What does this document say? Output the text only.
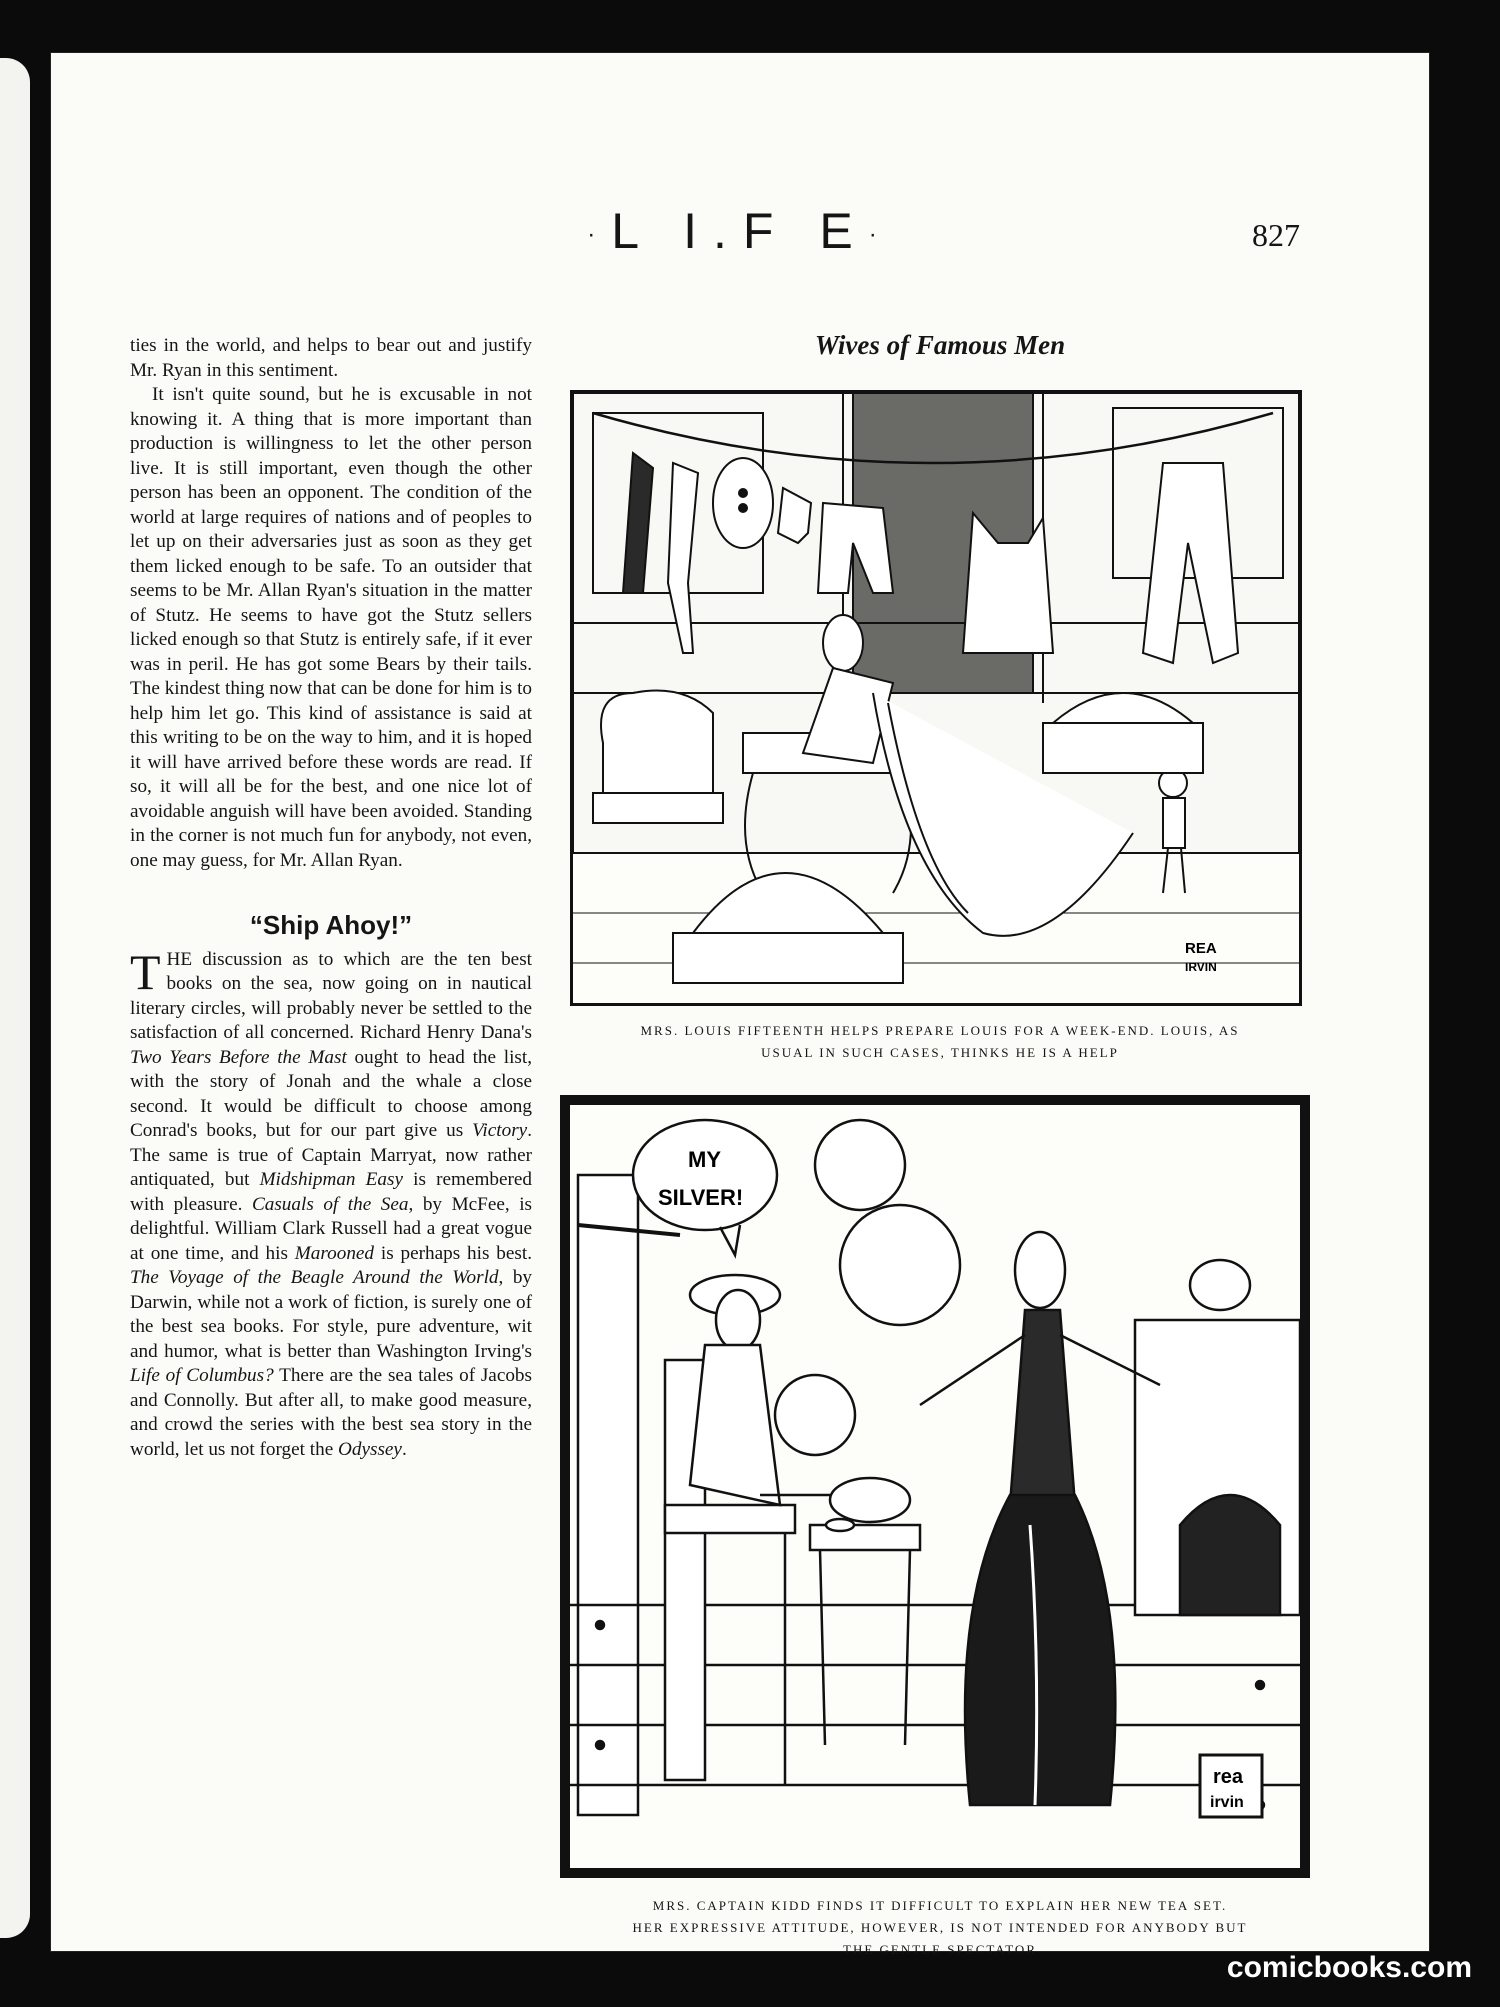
·L I.F E·	827

ties in the world, and helps to bear out and justify Mr. Ryan in this sentiment.

It isn't quite sound, but he is excusable in not knowing it. A thing that is more important than production is willingness to let the other person live. It is still important, even though the other person has been an opponent. The condition of the world at large requires of nations and of peoples to let up on their adversaries just as soon as they get them licked enough to be safe. To an outsider that seems to be Mr. Allan Ryan's situation in the matter of Stutz. He seems to have got the Stutz sellers licked enough so that Stutz is entirely safe, if it ever was in peril. He has got some Bears by their tails. The kindest thing now that can be done for him is to help him let go. This kind of assistance is said at this writing to be on the way to him, and it is hoped it will have arrived before these words are read. If so, it will all be for the best, and one nice lot of avoidable anguish will have been avoided. Standing in the corner is not much fun for anybody, not even, one may guess, for Mr. Allan Ryan.

“Ship Ahoy!”

THE discussion as to which are the ten best books on the sea, now going on in nautical literary circles, will probably never be settled to the satisfaction of all concerned. Richard Henry Dana's Two Years Before the Mast ought to head the list, with the story of Jonah and the whale a close second. It would be difficult to choose among Conrad's books, but for our part give us Victory. The same is true of Captain Marryat, now rather antiquated, but Midshipman Easy is remembered with pleasure. Casuals of the Sea, by McFee, is delightful. William Clark Russell had a great vogue at one time, and his Marooned is perhaps his best. The Voyage of the Beagle Around the World, by Darwin, while not a work of fiction, is surely one of the best sea books. For style, pure adventure, wit and humor, what is better than Washington Irving's Life of Columbus? There are the sea tales of Jacobs and Connolly. But after all, to make good measure, and crowd the series with the best sea story in the world, let us not forget the Odyssey.

Wives of Famous Men
REA
IRVIN
MRS. LOUIS FIFTEENTH HELPS PREPARE LOUIS FOR A WEEK-END. LOUIS, AS
USUAL IN SUCH CASES, THINKS HE IS A HELP
MY
SILVER!
rea
irvin
MRS. CAPTAIN KIDD FINDS IT DIFFICULT TO EXPLAIN HER NEW TEA SET.
HER EXPRESSIVE ATTITUDE, HOWEVER, IS NOT INTENDED FOR ANYBODY BUT
THE GENTLE SPECTATOR
comicbooks.com
